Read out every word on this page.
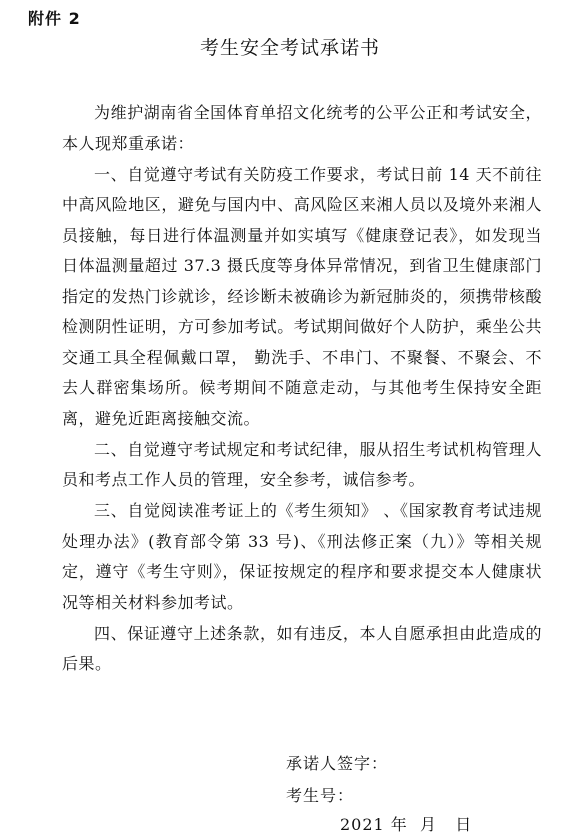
附件 2
考生安全考试承诺书

为维护湖南省全国体育单招文化统考的公平公正和考试安全，本人现郑重承诺：

一、自觉遵守考试有关防疫工作要求，考试日前 14 天不前往中高风险地区，避免与国内中、高风险区来湘人员以及境外来湘人员接触，每日进行体温测量并如实填写《健康登记表》，如发现当日体温测量超过 37.3 摄氏度等身体异常情况，到省卫生健康部门指定的发热门诊就诊，经诊断未被确诊为新冠肺炎的，须携带核酸检测阴性证明，方可参加考试。考试期间做好个人防护，乘坐公共交通工具全程佩戴口罩， 勤洗手、不串门、不聚餐、不聚会、不去人群密集场所。候考期间不随意走动，与其他考生保持安全距离，避免近距离接触交流。

二、自觉遵守考试规定和考试纪律，服从招生考试机构管理人员和考点工作人员的管理，安全参考，诚信参考。

三、自觉阅读准考证上的《考生须知》 、《国家教育考试违规处理办法》(教育部令第 33 号)、《刑法修正案（九）》等相关规定，遵守《考生守则》，保证按规定的程序和要求提交本人健康状况等相关材料参加考试。

四、保证遵守上述条款，如有违反，本人自愿承担由此造成的后果。

承诺人签字：
考生号：
2021 年  月   日
